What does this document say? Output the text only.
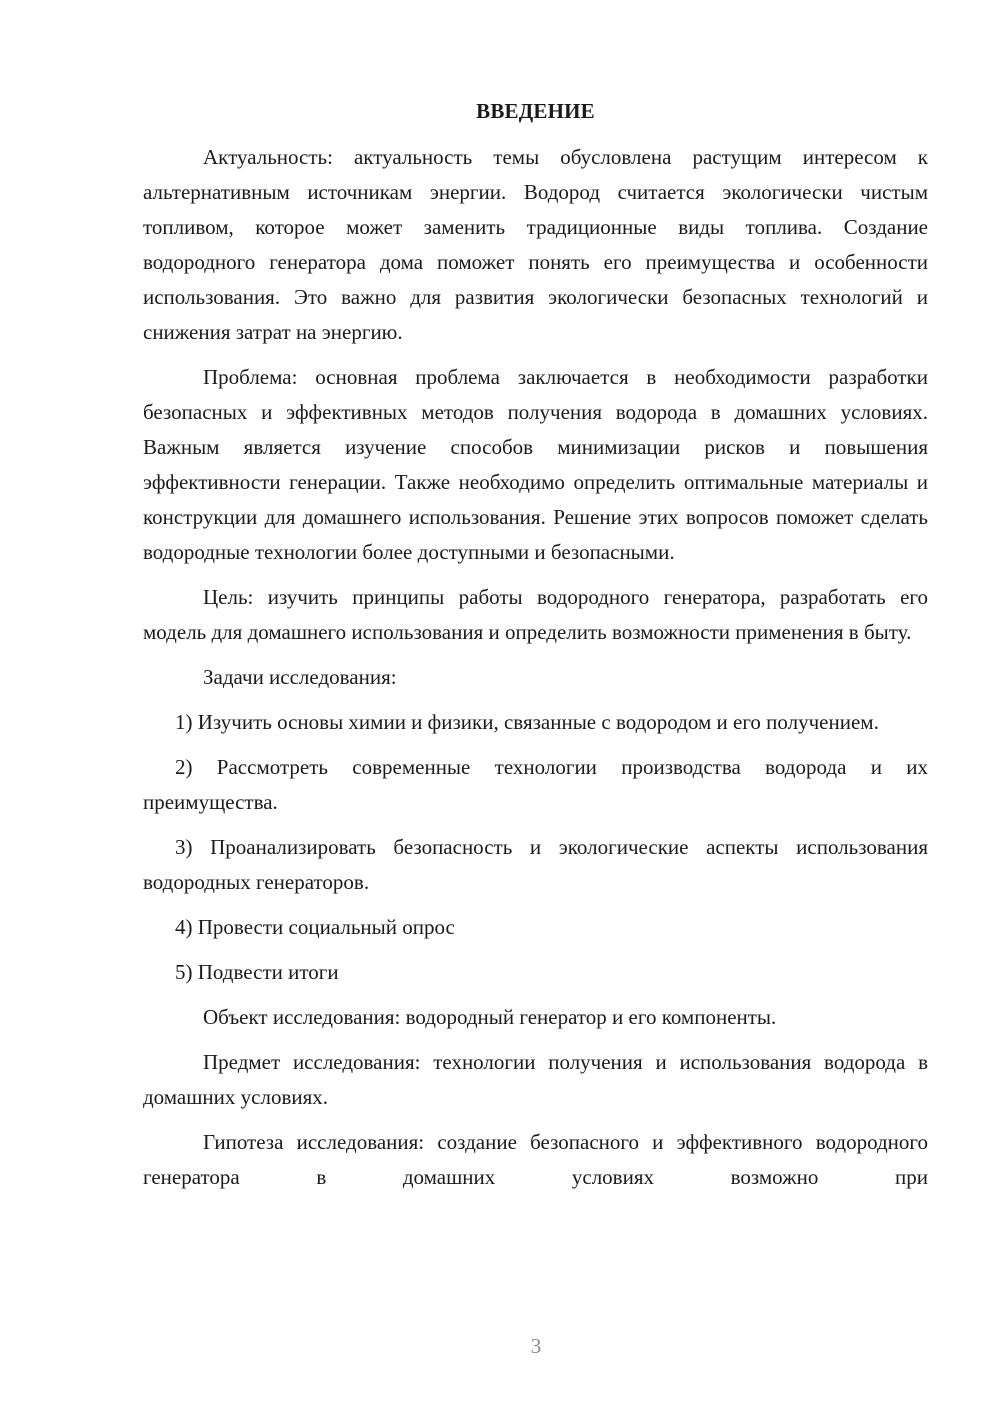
ВВЕДЕНИЕ

Актуальность: актуальность темы обусловлена растущим интересом к альтернативным источникам энергии. Водород считается экологически чистым топливом, которое может заменить традиционные виды топлива. Создание водородного генератора дома поможет понять его преимущества и особенности использования. Это важно для развития экологически безопасных технологий и снижения затрат на энергию.

Проблема: основная проблема заключается в необходимости разработки безопасных и эффективных методов получения водорода в домашних условиях. Важным является изучение способов минимизации рисков и повышения эффективности генерации. Также необходимо определить оптимальные материалы и конструкции для домашнего использования. Решение этих вопросов поможет сделать водородные технологии более доступными и безопасными.

Цель: изучить принципы работы водородного генератора, разработать его модель для домашнего использования и определить возможности применения в быту.

Задачи исследования:

1) Изучить основы химии и физики, связанные с водородом и его получением.

2) Рассмотреть современные технологии производства водорода и их преимущества.

3) Проанализировать безопасность и экологические аспекты использования водородных генераторов.

4) Провести социальный опрос

5) Подвести итоги

Объект исследования: водородный генератор и его компоненты.

Предмет исследования: технологии получения и использования водорода в домашних условиях.

Гипотеза исследования: создание безопасного и эффективного водородного генератора в домашних условиях возможно при

3
